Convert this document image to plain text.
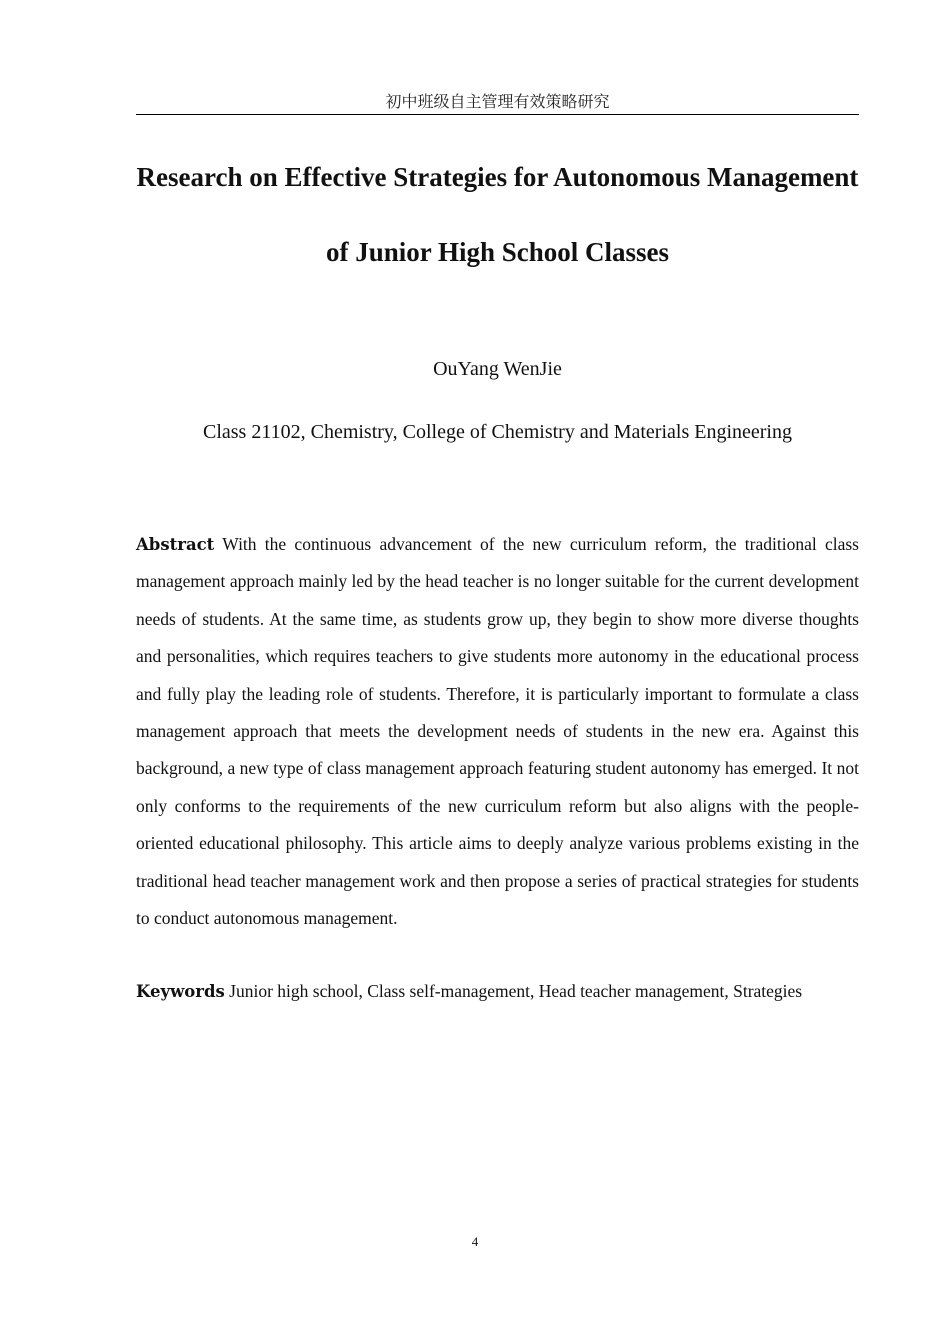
初中班级自主管理有效策略研究
Research on Effective Strategies for Autonomous Management of Junior High School Classes
OuYang WenJie
Class 21102, Chemistry, College of Chemistry and Materials Engineering

Abstract With the continuous advancement of the new curriculum reform, the traditional class management approach mainly led by the head teacher is no longer suitable for the current development needs of students. At the same time, as students grow up, they begin to show more diverse thoughts and personalities, which requires teachers to give students more autonomy in the educational process and fully play the leading role of students. Therefore, it is particularly important to formulate a class management approach that meets the development needs of students in the new era. Against this background, a new type of class management approach featuring student autonomy has emerged. It not only conforms to the requirements of the new curriculum reform but also aligns with the people-oriented educational philosophy. This article aims to deeply analyze various problems existing in the traditional head teacher management work and then propose a series of practical strategies for students to conduct autonomous management.

Keywords Junior high school, Class self-management, Head teacher management, Strategies

4
